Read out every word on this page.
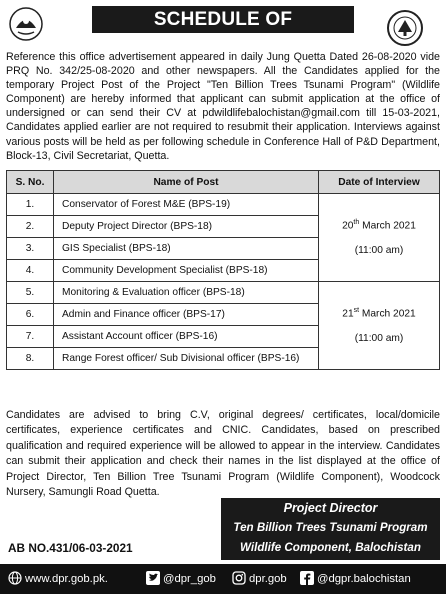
SCHEDULE OF INTERVIEWS
Reference this office advertisement appeared in daily Jung Quetta Dated 26-08-2020 vide PRQ No. 342/25-08-2020 and other newspapers. All the Candidates applied for the temporary Project Post of the Project "Ten Billion Trees Tsunami Program" (Wildlife Component) are hereby informed that applicant can submit application at the office of undersigned or can send their CV at pdwildlifebalochistan@gmail.com till 15-03-2021, Candidates applied earlier are not required to resubmit their application. Interviews against various posts will be held as per following schedule in Conference Hall of P&D Department, Block-13, Civil Secretariat, Quetta.
S. No.	Name of Post	Date of Interview
1.	Conservator of Forest M&E (BPS-19)	20th March 2021
(11:00 am)

2.	Deputy Project Director (BPS-18)	
3.	GIS Specialist (BPS-18)	
4.	Community Development Specialist (BPS-18)	
5.	Monitoring & Evaluation officer (BPS-18)	21st March 2021
(11:00 am)

6.	Admin and Finance officer (BPS-17)	
7.	Assistant Account officer (BPS-16)	
8.	Range Forest officer/ Sub Divisional officer (BPS-16)	
Candidates are advised to bring C.V, original degrees/ certificates, local/domicile certificates, experience certificates and CNIC. Candidates, based on prescribed qualification and required experience will be allowed to appear in the interview. Candidates can submit their application and check their names in the list displayed at the office of Project Director, Ten Billion Tree Tsunami Program (Wildlife Component), Woodcock Nursery, Samungli Road Quetta.
Project Director
Ten Billion Trees Tsunami Program
Wildlife Component, Balochistan
AB NO.431/06-03-2021
www.dpr.gob.pk.	@dpr_gob	dpr.gob	@dgpr.balochistan
